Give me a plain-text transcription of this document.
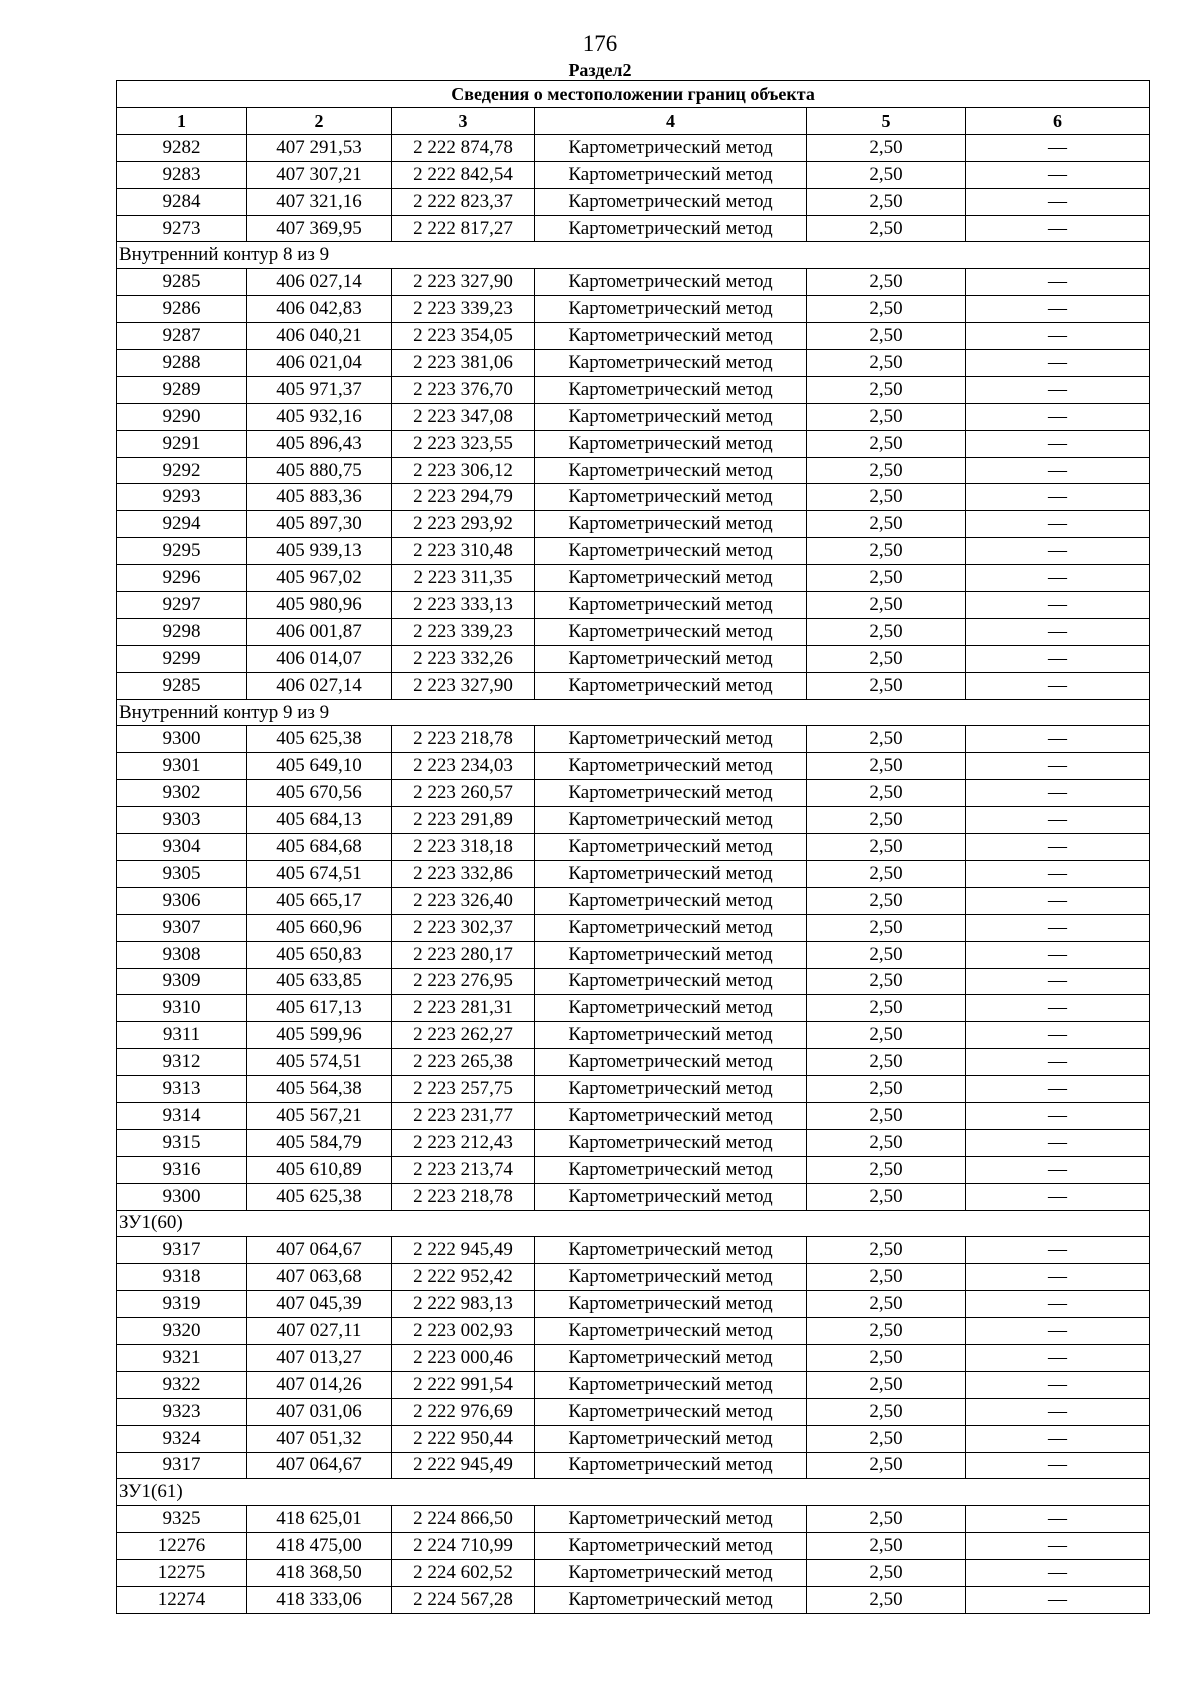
176
Раздел2
Сведения о местоположении границ объекта					
1	2	3	4	5	6
9282	407 291,53	2 222 874,78	Картометрический метод	2,50	—
9283	407 307,21	2 222 842,54	Картометрический метод	2,50	—
9284	407 321,16	2 222 823,37	Картометрический метод	2,50	—
9273	407 369,95	2 222 817,27	Картометрический метод	2,50	—
Внутренний контур 8 из 9					
9285	406 027,14	2 223 327,90	Картометрический метод	2,50	—
9286	406 042,83	2 223 339,23	Картометрический метод	2,50	—
9287	406 040,21	2 223 354,05	Картометрический метод	2,50	—
9288	406 021,04	2 223 381,06	Картометрический метод	2,50	—
9289	405 971,37	2 223 376,70	Картометрический метод	2,50	—
9290	405 932,16	2 223 347,08	Картометрический метод	2,50	—
9291	405 896,43	2 223 323,55	Картометрический метод	2,50	—
9292	405 880,75	2 223 306,12	Картометрический метод	2,50	—
9293	405 883,36	2 223 294,79	Картометрический метод	2,50	—
9294	405 897,30	2 223 293,92	Картометрический метод	2,50	—
9295	405 939,13	2 223 310,48	Картометрический метод	2,50	—
9296	405 967,02	2 223 311,35	Картометрический метод	2,50	—
9297	405 980,96	2 223 333,13	Картометрический метод	2,50	—
9298	406 001,87	2 223 339,23	Картометрический метод	2,50	—
9299	406 014,07	2 223 332,26	Картометрический метод	2,50	—
9285	406 027,14	2 223 327,90	Картометрический метод	2,50	—
Внутренний контур 9 из 9					
9300	405 625,38	2 223 218,78	Картометрический метод	2,50	—
9301	405 649,10	2 223 234,03	Картометрический метод	2,50	—
9302	405 670,56	2 223 260,57	Картометрический метод	2,50	—
9303	405 684,13	2 223 291,89	Картометрический метод	2,50	—
9304	405 684,68	2 223 318,18	Картометрический метод	2,50	—
9305	405 674,51	2 223 332,86	Картометрический метод	2,50	—
9306	405 665,17	2 223 326,40	Картометрический метод	2,50	—
9307	405 660,96	2 223 302,37	Картометрический метод	2,50	—
9308	405 650,83	2 223 280,17	Картометрический метод	2,50	—
9309	405 633,85	2 223 276,95	Картометрический метод	2,50	—
9310	405 617,13	2 223 281,31	Картометрический метод	2,50	—
9311	405 599,96	2 223 262,27	Картометрический метод	2,50	—
9312	405 574,51	2 223 265,38	Картометрический метод	2,50	—
9313	405 564,38	2 223 257,75	Картометрический метод	2,50	—
9314	405 567,21	2 223 231,77	Картометрический метод	2,50	—
9315	405 584,79	2 223 212,43	Картометрический метод	2,50	—
9316	405 610,89	2 223 213,74	Картометрический метод	2,50	—
9300	405 625,38	2 223 218,78	Картометрический метод	2,50	—
ЗУ1(60)					
9317	407 064,67	2 222 945,49	Картометрический метод	2,50	—
9318	407 063,68	2 222 952,42	Картометрический метод	2,50	—
9319	407 045,39	2 222 983,13	Картометрический метод	2,50	—
9320	407 027,11	2 223 002,93	Картометрический метод	2,50	—
9321	407 013,27	2 223 000,46	Картометрический метод	2,50	—
9322	407 014,26	2 222 991,54	Картометрический метод	2,50	—
9323	407 031,06	2 222 976,69	Картометрический метод	2,50	—
9324	407 051,32	2 222 950,44	Картометрический метод	2,50	—
9317	407 064,67	2 222 945,49	Картометрический метод	2,50	—
ЗУ1(61)					
9325	418 625,01	2 224 866,50	Картометрический метод	2,50	—
12276	418 475,00	2 224 710,99	Картометрический метод	2,50	—
12275	418 368,50	2 224 602,52	Картометрический метод	2,50	—
12274	418 333,06	2 224 567,28	Картометрический метод	2,50	—
